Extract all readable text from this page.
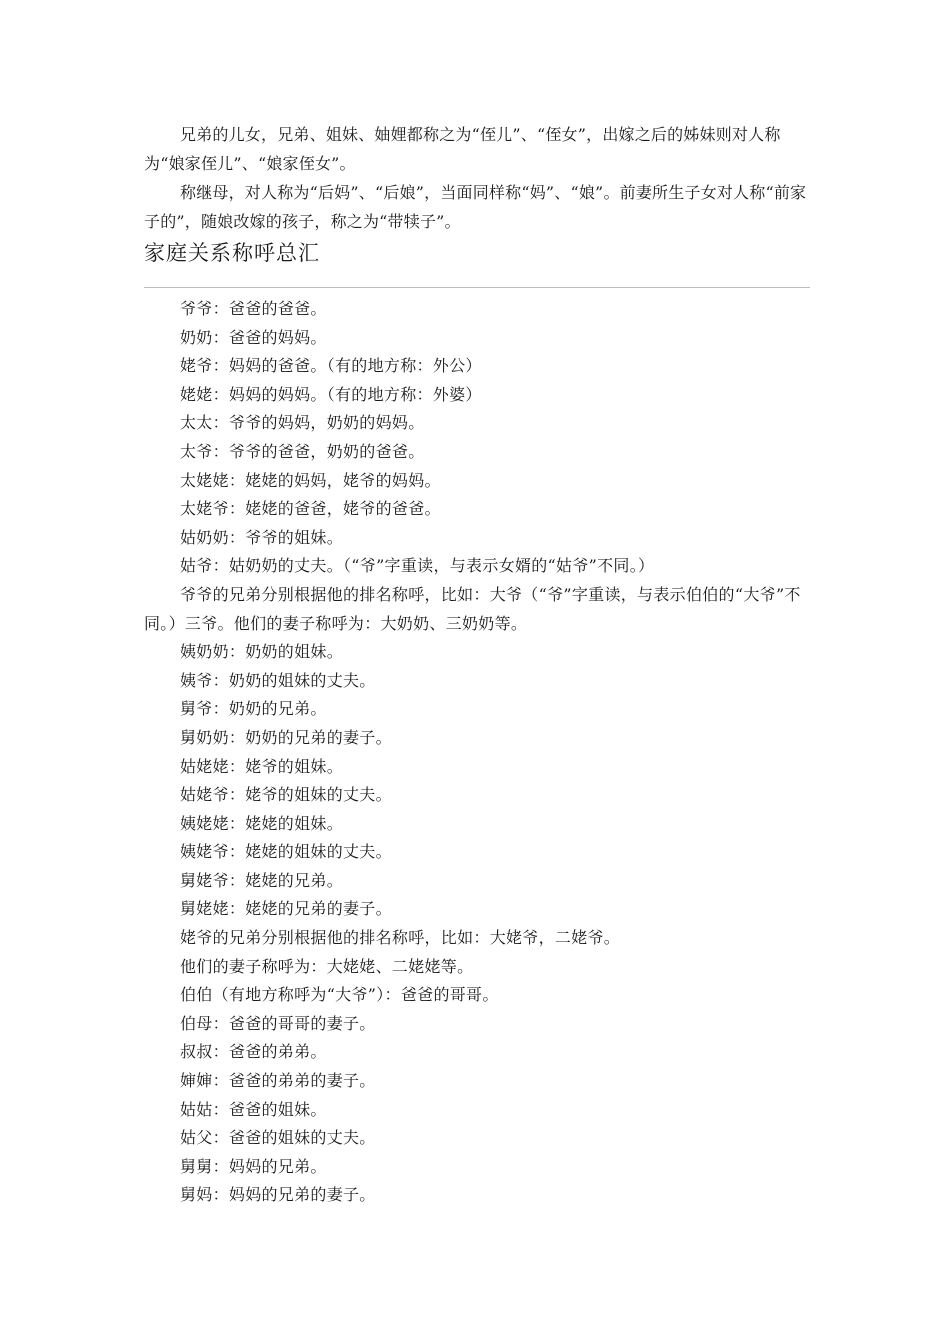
兄弟的儿女，兄弟、姐妹、妯娌都称之为“侄儿”、“侄女”，出嫁之后的姊妹则对人称为“娘家侄儿”、“娘家侄女”。

称继母，对人称为“后妈”、“后娘”，当面同样称“妈”、“娘”。前妻所生子女对人称“前家子的”，随娘改嫁的孩子，称之为“带犊子”。

家庭关系称呼总汇

爷爷：爸爸的爸爸。

奶奶：爸爸的妈妈。

姥爷：妈妈的爸爸。（有的地方称：外公）

姥姥：妈妈的妈妈。（有的地方称：外婆）

太太：爷爷的妈妈，奶奶的妈妈。

太爷：爷爷的爸爸，奶奶的爸爸。

太姥姥：姥姥的妈妈，姥爷的妈妈。

太姥爷：姥姥的爸爸，姥爷的爸爸。

姑奶奶：爷爷的姐妹。

姑爷：姑奶奶的丈夫。（“爷”字重读，与表示女婿的“姑爷”不同。）

爷爷的兄弟分别根据他的排名称呼，比如：大爷（“爷”字重读，与表示伯伯的“大爷”不同。）三爷。他们的妻子称呼为：大奶奶、三奶奶等。

姨奶奶：奶奶的姐妹。

姨爷：奶奶的姐妹的丈夫。

舅爷：奶奶的兄弟。

舅奶奶：奶奶的兄弟的妻子。

姑姥姥：姥爷的姐妹。

姑姥爷：姥爷的姐妹的丈夫。

姨姥姥：姥姥的姐妹。

姨姥爷：姥姥的姐妹的丈夫。

舅姥爷：姥姥的兄弟。

舅姥姥：姥姥的兄弟的妻子。

姥爷的兄弟分别根据他的排名称呼，比如：大姥爷，二姥爷。

他们的妻子称呼为：大姥姥、二姥姥等。

伯伯（有地方称呼为“大爷”）：爸爸的哥哥。

伯母：爸爸的哥哥的妻子。

叔叔：爸爸的弟弟。

婶婶：爸爸的弟弟的妻子。

姑姑：爸爸的姐妹。

姑父：爸爸的姐妹的丈夫。

舅舅：妈妈的兄弟。

舅妈：妈妈的兄弟的妻子。
